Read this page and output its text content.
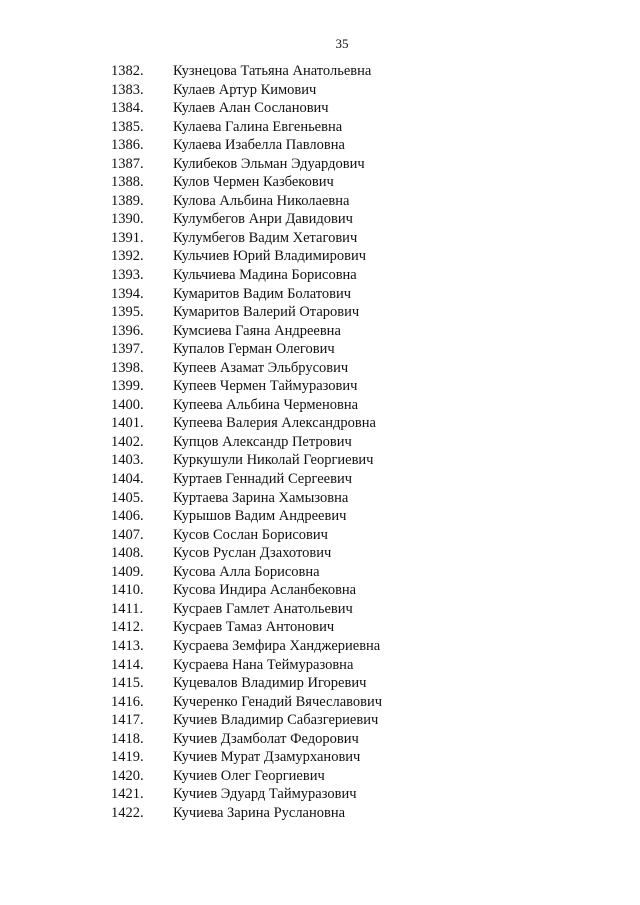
35
1382. Кузнецова Татьяна Анатольевна
1383. Кулаев Артур Кимович
1384. Кулаев Алан Сосланович
1385. Кулаева Галина Евгеньевна
1386. Кулаева Изабелла Павловна
1387. Кулибеков Эльман Эдуардович
1388. Кулов Чермен Казбекович
1389. Кулова Альбина Николаевна
1390. Кулумбегов Анри Давидович
1391. Кулумбегов Вадим Хетагович
1392. Кульчиев Юрий Владимирович
1393. Кульчиева Мадина Борисовна
1394. Кумаритов Вадим Болатович
1395. Кумаритов Валерий Отарович
1396. Кумсиева Гаяна Андреевна
1397. Купалов Герман Олегович
1398. Купеев Азамат Эльбрусович
1399. Купеев Чермен Таймуразович
1400. Купеева Альбина Черменовна
1401. Купеева Валерия Александровна
1402. Купцов Александр Петрович
1403. Куркушули Николай Георгиевич
1404. Куртаев Геннадий Сергеевич
1405. Куртаева Зарина Хамызовна
1406. Курышов Вадим Андреевич
1407. Кусов Сослан Борисович
1408. Кусов Руслан Дзахотович
1409. Кусова Алла Борисовна
1410. Кусова Индира Асланбековна
1411. Кусраев Гамлет Анатольевич
1412. Кусраев Тамаз Антонович
1413. Кусраева Земфира Ханджериевна
1414. Кусраева Нана Теймуразовна
1415. Куцевалов Владимир Игоревич
1416. Кучеренко Генадий Вячеславович
1417. Кучиев Владимир Сабазгериевич
1418. Кучиев Дзамболат Федорович
1419. Кучиев Мурат Дзамурханович
1420. Кучиев Олег Георгиевич
1421. Кучиев Эдуард Таймуразович
1422. Кучиева Зарина Руслановна
